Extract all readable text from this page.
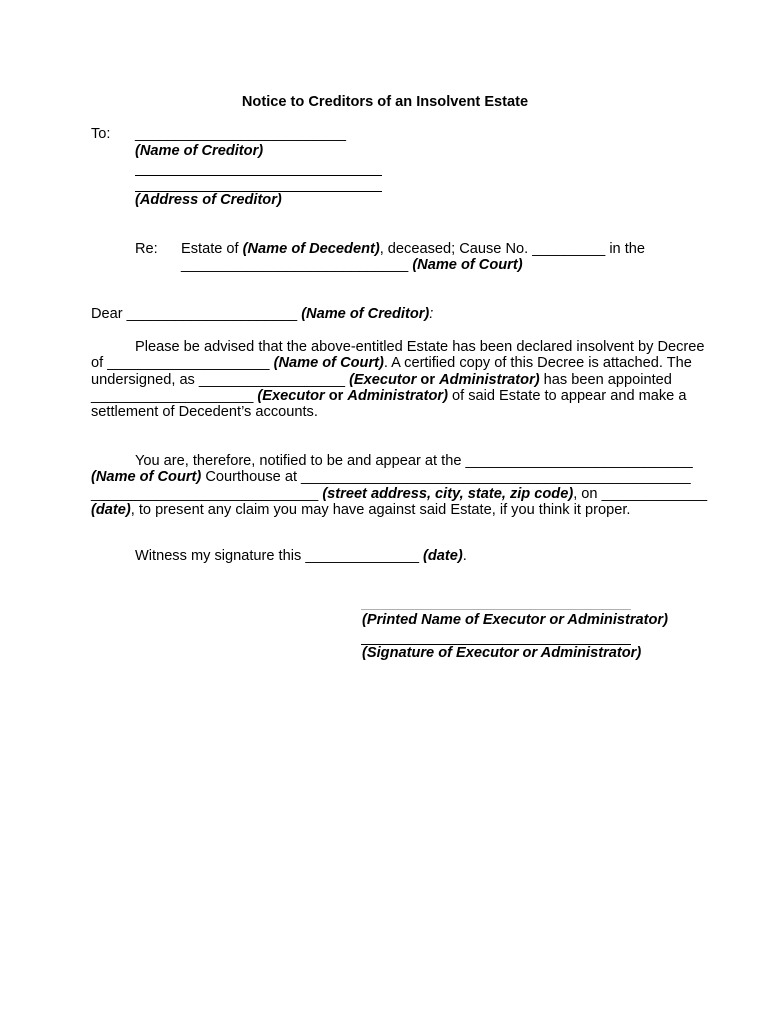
Notice to Creditors of an Insolvent Estate
To: __________________________
(Name of Creditor)
(Address of Creditor)
Re: Estate of (Name of Decedent), deceased; Cause No. _________ in the
____________________________ (Name of Court)
Dear _____________________ (Name of Creditor):
Please be advised that the above-entitled Estate has been declared insolvent by Decree
of ____________________ (Name of Court). A certified copy of this Decree is attached. The
undersigned, as __________________ (Executor or Administrator) has been appointed
____________________ (Executor or Administrator) of said Estate to appear and make a
settlement of Decedent’s accounts.
You are, therefore, notified to be and appear at the ____________________________
(Name of Court) Courthouse at ________________________________________________
____________________________ (street address, city, state, zip code), on _____________
(date), to present any claim you may have against said Estate, if you think it proper.
Witness my signature this ______________ (date).
(Printed Name of Executor or Administrator)
(Signature of Executor or Administrator)
